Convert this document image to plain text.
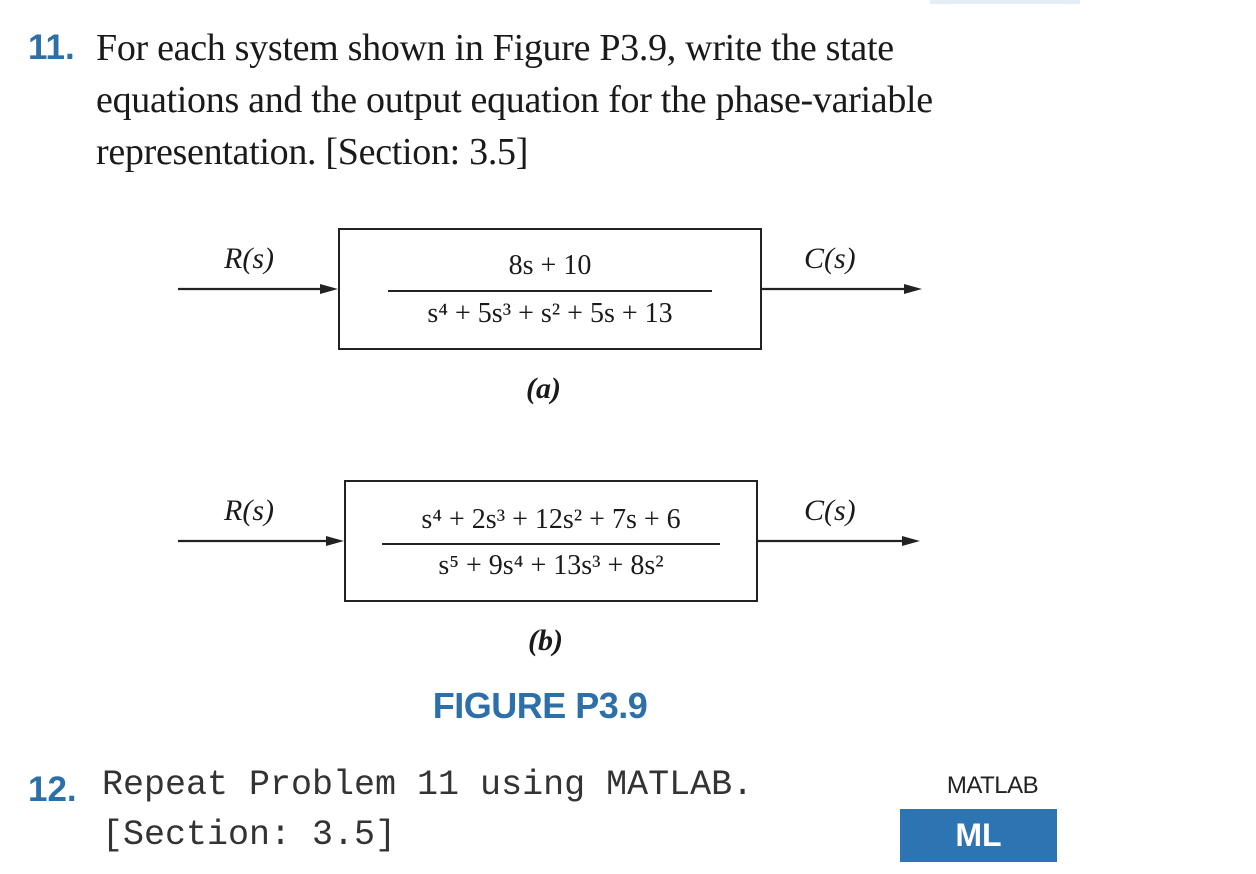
11. For each system shown in Figure P3.9, write the state
equations and the output equation for the phase-variable
representation. [Section: 3.5]
R(s)	C(s)
8s + 10
s⁴ + 5s³ + s² + 5s + 13
(a)
R(s)	C(s)
s⁴ + 2s³ + 12s² + 7s + 6
s⁵ + 9s⁴ + 13s³ + 8s²
(b)
FIGURE P3.9
12. Repeat Problem 11 using MATLAB.
[Section: 3.5]
MATLAB
ML
